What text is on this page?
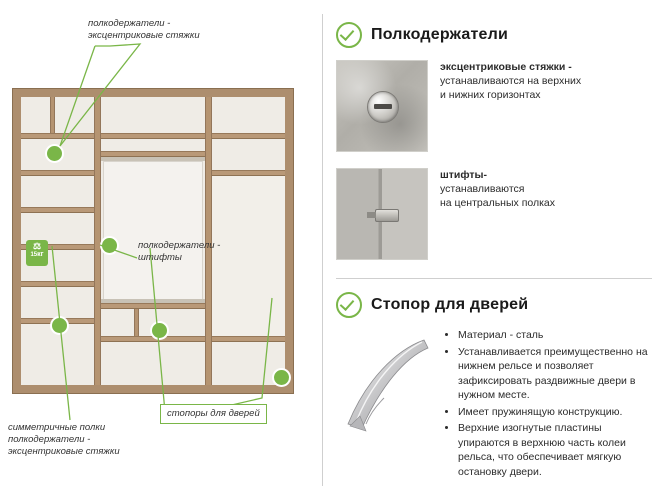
⚖
15кг
полкодержатели -
эксцентриковые стяжки
полкодержатели -
штифты
стопоры для дверей
симметричные полки
полкодержатели -
эксцентриковые стяжки
Полкодержатели
эксцентриковые стяжки -
устанавливаются на верхних
и нижних горизонтах
штифты-
устанавливаются
на центральных полках
Стопор для дверей
• Материал - сталь
• Устанавливается преимущественно на нижнем рельсе и позволяет зафиксировать раздвижные двери в нужном месте.
• Имеет пружинящую конструкцию.
• Верхние изогнутые пластины упираются в верхнюю часть колеи рельса, что обеспечивает мягкую остановку двери.
